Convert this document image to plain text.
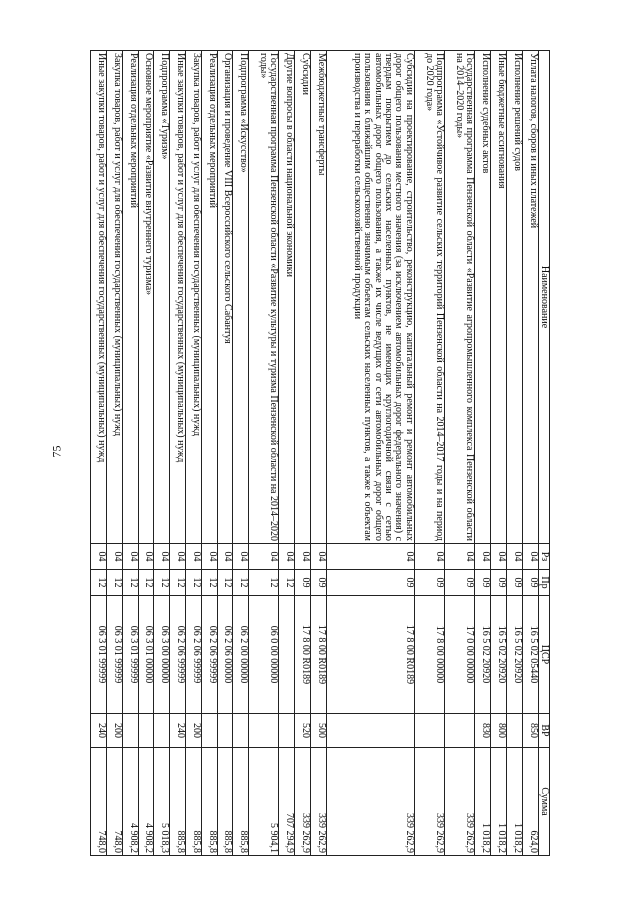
75
Наименование	Рз	Пр	ЦСР	ВР	Сумма
Уплата налогов, сборов и иных платежей	04	09	16 5 02 05440	850	624,0
Исполнение решений судов	04	09	16 5 02 20920		1 018,2
Иные бюджетные ассигнования	04	09	16 5 02 20920	800	1 018,2
Исполнение судебных актов	04	09	16 5 02 20920	830	1 018,2
Государственная программа Пензенской области «Развитие агропромышленного комплекса Пензенской области на 2014–2020 годы»	04	09	17 0 00 00000		339 262,9
Подпрограмма «Устойчивое развитие сельских территорий Пензенской области на 2014–2017 годы и на период до 2020 года»	04	09	17 8 00 00000		339 262,9
Субсидии на проектирование, строительство, реконструкцию, капитальный ремонт и ремонт автомобильных дорог общего пользования местного значения (за исключением автомобильных дорог федерального значения) с твердым покрытием до сельских населенных пунктов, не имеющих круглогодичной связи с сетью автомобильных дорог общего пользования, а также их числе ведущих от сети автомобильных дорог общего пользования к ближайшим общественно значимым объектам сельских населенных пунктов, а также к объектам производства и переработки сельскохозяйственной продукции	04	09	17 8 00 R0189		339 262,9
Межбюджетные трансферты	04	09	17 8 00 R0189	500	339 262,9
Субсидии	04	09	17 8 00 R0189	520	339 262,9
Другие вопросы в области национальной экономики	04	12			707 294,9
Государственная программа Пензенской области «Развитие культуры и туризма Пензенской области на 2014–2020 годы»	04	12	06 0 00 00000		5 904,1
Подпрограмма «Искусство»	04	12	06 2 00 00000		885,8
Организация и проведение VIII Всероссийского сельского Сабантуя	04	12	06 2 06 00000		885,8
Реализация отдельных мероприятий	04	12	06 2 06 99999		885,8
Закупка товаров, работ и услуг для обеспечения государственных (муниципальных) нужд	04	12	06 2 06 99999	200	885,8
Иные закупки товаров, работ и услуг для обеспечения государственных (муниципальных) нужд	04	12	06 2 06 99999	240	885,8
Подпрограмма «Туризм»	04	12	06 3 00 00000		5 018,3
Основное мероприятие «Развитие внутреннего туризма»	04	12	06 3 01 00000		4 908,2
Реализация отдельных мероприятий	04	12	06 3 01 99999		4 908,2
Закупка товаров, работ и услуг для обеспечения государственных (муниципальных) нужд	04	12	06 3 01 99999	200	748,0
Иные закупки товаров, работ и услуг для обеспечения государственных (муниципальных) нужд	04	12	06 3 01 99999	240	748,0
